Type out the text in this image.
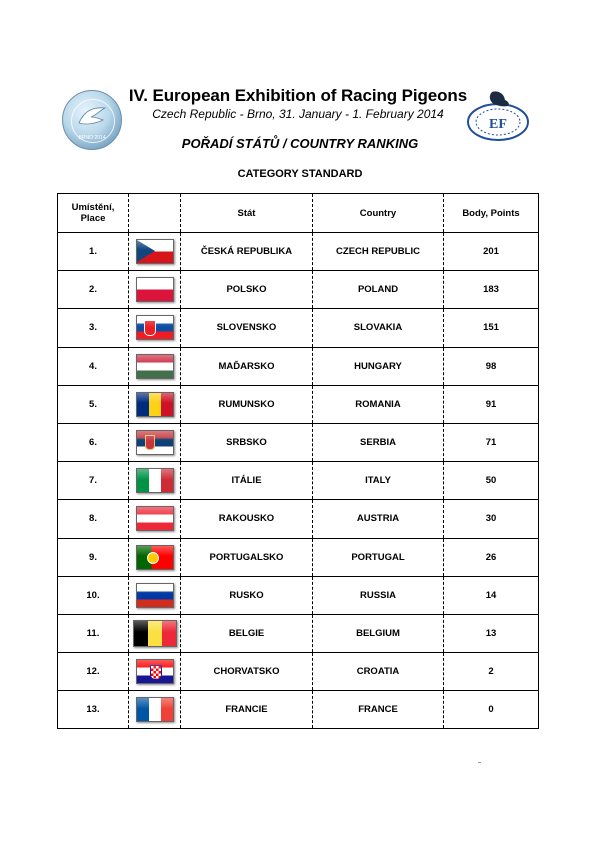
BRNO 2014
EF
IV. European Exhibition of Racing Pigeons
Czech Republic - Brno, 31. January - 1. February 2014
POŘADÍ STÁTŮ / COUNTRY RANKING
CATEGORY STANDARD
Umístění,
Place		Stát	Country	Body, Points
1.		ČESKÁ REPUBLIKA	CZECH REPUBLIC	201
2.		POLSKO	POLAND	183
3.		SLOVENSKO	SLOVAKIA	151
4.		MAĎARSKO	HUNGARY	98
5.		RUMUNSKO	ROMANIA	91
6.		SRBSKO	SERBIA	71
7.		ITÁLIE	ITALY	50
8.		RAKOUSKO	AUSTRIA	30
9.		PORTUGALSKO	PORTUGAL	26
10.		RUSKO	RUSSIA	14
11.		BELGIE	BELGIUM	13
12.		CHORVATSKO	CROATIA	2
13.		FRANCIE	FRANCE	0
